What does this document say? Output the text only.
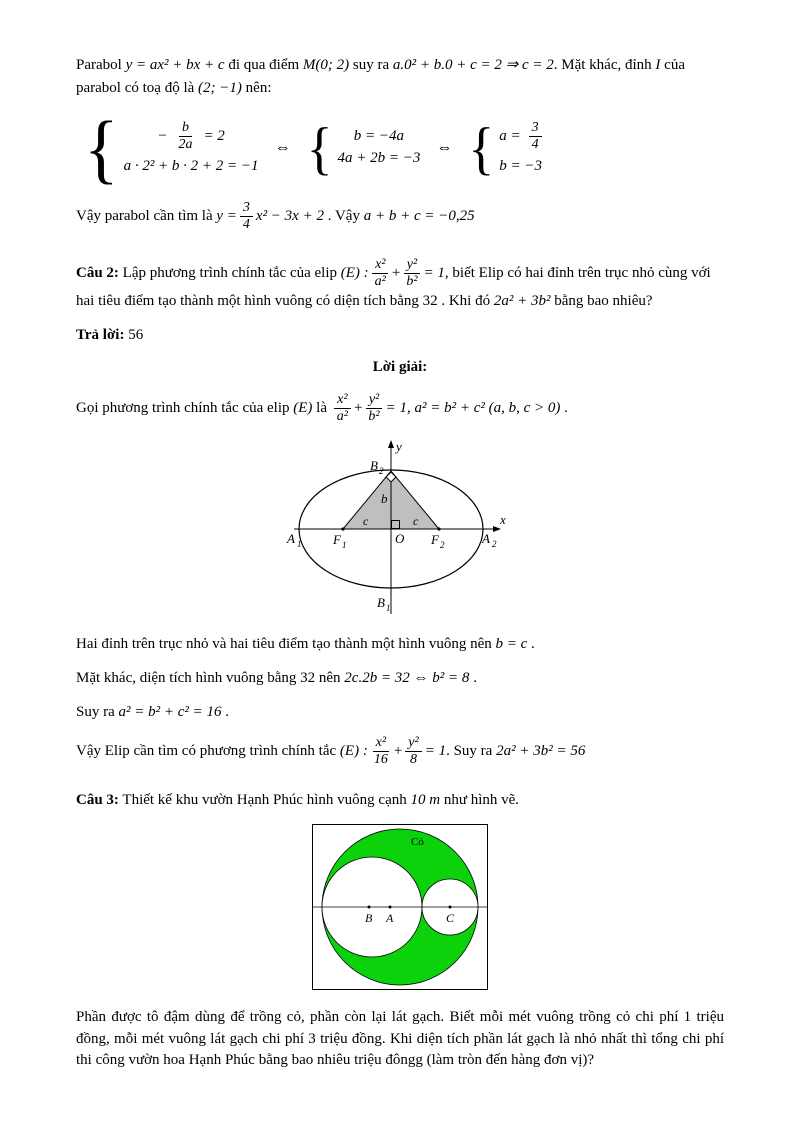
Parabol y = ax² + bx + c đi qua điểm M(0; 2) suy ra a.0² + b.0 + c = 2 ⇒ c = 2. Mặt khác, đỉnh I của parabol có toạ độ là (2; −1) nên:

{	− $\frac{b}{2a} = 2$
a · 2² + b · 2 + 2 = −1
⇔ { b = −4a
4a + 2b = −3
⇔ { $a = \frac{3}{4}$
b = −3

Vậy parabol cần tìm là $y = \frac{3}{4} x^2 - 3x + 2$ . Vậy a + b + c = −0,25

Câu 2: Lập phương trình chính tắc của elip (E) : $\frac{\text{x²}}{\text{a²}} + \frac{\text{y²}}{\text{b²}} = 1$, biết Elip có hai đỉnh trên trục nhỏ cùng với hai tiêu điểm tạo thành một hình vuông có diện tích bằng 32 . Khi đó 2a² + 3b² bằng bao nhiêu?

Trả lời: 56

Lời giải:

Gọi phương trình chính tắc của elip (E) là $\frac{\text{x²}}{\text{a²}} + \frac{\text{y²}}{\text{b²}} = 1$, a² = b² + c² (a, b, c > 0) .

y
x
B 2
B 1
A 1	A 2
F 1	F 2
O
b
c	c

Hai đỉnh trên trục nhỏ và hai tiêu điểm tạo thành một hình vuông nên b = c .

Mặt khác, diện tích hình vuông bằng 32 nên 2c.2b = 32 ⇔ b² = 8 .

Suy ra a² = b² + c² = 16 .

Vậy Elip cần tìm có phương trình chính tắc (E) : $\frac{\text{x²}}{16} + \frac{\text{y²}}{8} = 1$. Suy ra 2a² + 3b² = 56

Câu 3: Thiết kế khu vườn Hạnh Phúc hình vuông cạnh 10 m như hình vẽ.

Cỏ
B A	C

Phần được tô đậm dùng để trồng cỏ, phần còn lại lát gạch. Biết mỗi mét vuông trồng cỏ chi phí 1 triệu đồng, mỗi mét vuông lát gạch chi phí 3 triệu đồng. Khi diện tích phần lát gạch là nhỏ nhất thì tổng chi phí thi công vườn hoa Hạnh Phúc bằng bao nhiêu triệu đôngg (làm tròn đến hàng đơn vị)?
